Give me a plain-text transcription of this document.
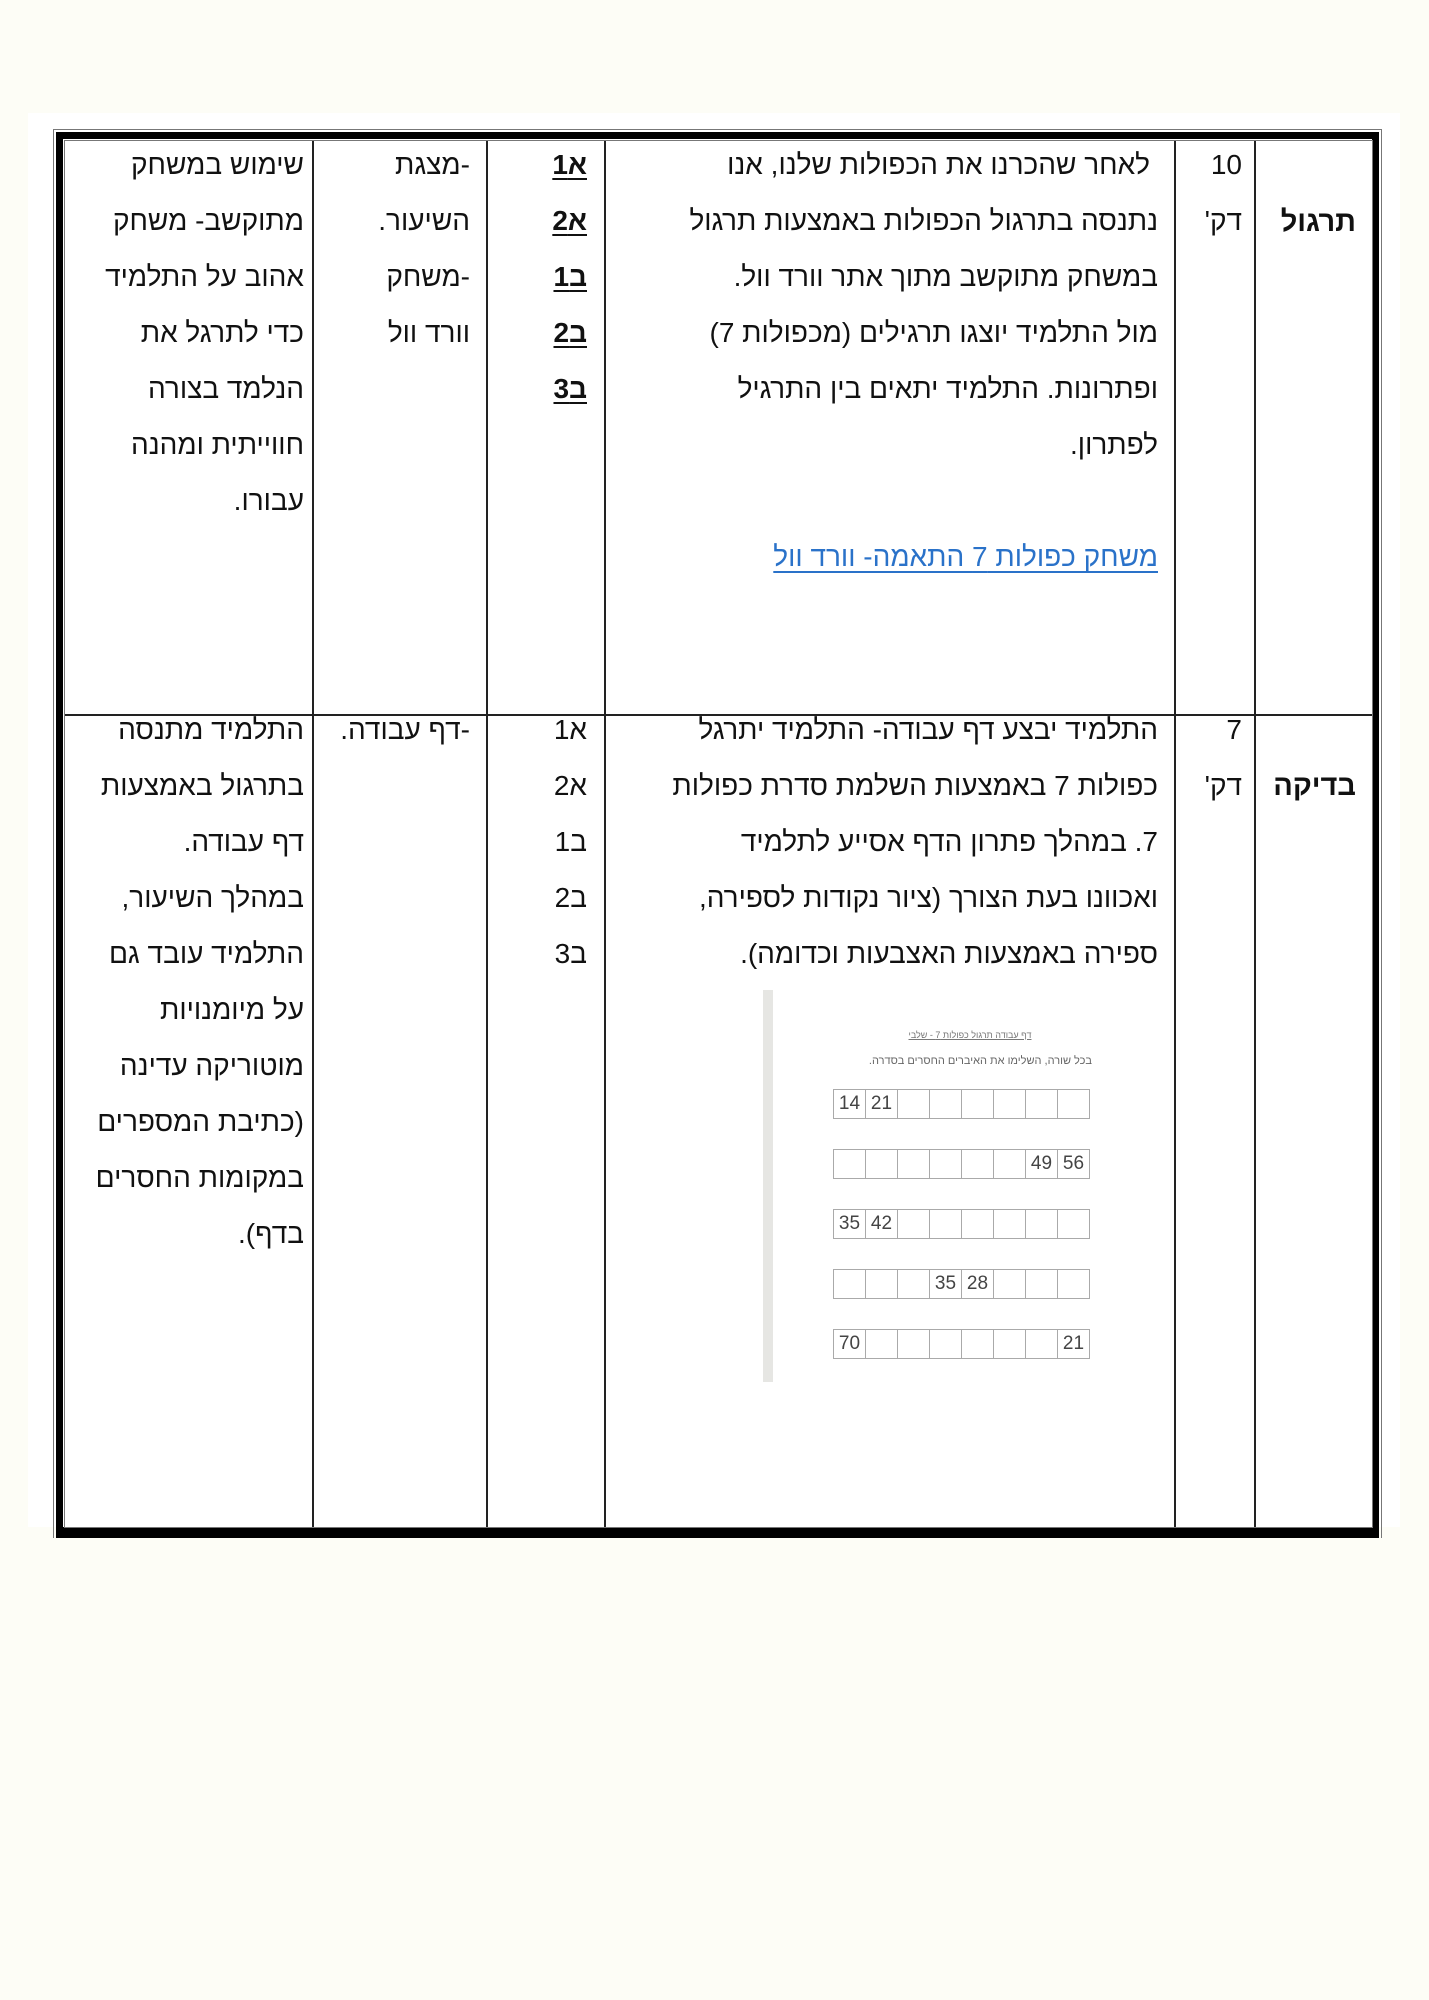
תרגול
10
דק'
לאחר שהכרנו את הכפולות שלנו, אנו
נתנסה בתרגול הכפולות באמצעות תרגול
במשחק מתוקשב מתוך אתר וורד וול.
מול התלמיד יוצגו תרגילים (מכפולות 7)
ופתרונות. התלמיד יתאים בין התרגיל
לפתרון.

משחק כפולות 7 התאמה- וורד וול
א1
א2
ב1
ב2
ב3
-מצגת
השיעור.
-משחק
וורד וול
שימוש במשחק
מתוקשב- משחק
אהוב על התלמיד
כדי לתרגל את
הנלמד בצורה
חווייתית ומהנה
עבורו.
בדיקה
7
דק'
התלמיד יבצע דף עבודה- התלמיד יתרגל
כפולות 7 באמצעות השלמת סדרת כפולות
7. במהלך פתרון הדף אסייע לתלמיד
ואכוונו בעת הצורך (ציור נקודות לספירה,
ספירה באמצעות האצבעות וכדומה).
א1
א2
ב1
ב2
ב3
-דף עבודה.
התלמיד מתנסה
בתרגול באמצעות
דף עבודה.
במהלך השיעור,
התלמיד עובד גם
על מיומנויות
מוטוריקה עדינה
(כתיבת המספרים
במקומות החסרים
בדף).
דף עבודה תרגול כפולות 7 - שלבי
בכל שורה, השלימו את האיברים החסרים בסדרה.
14 21
49 56
35 42
35 28
70	21
